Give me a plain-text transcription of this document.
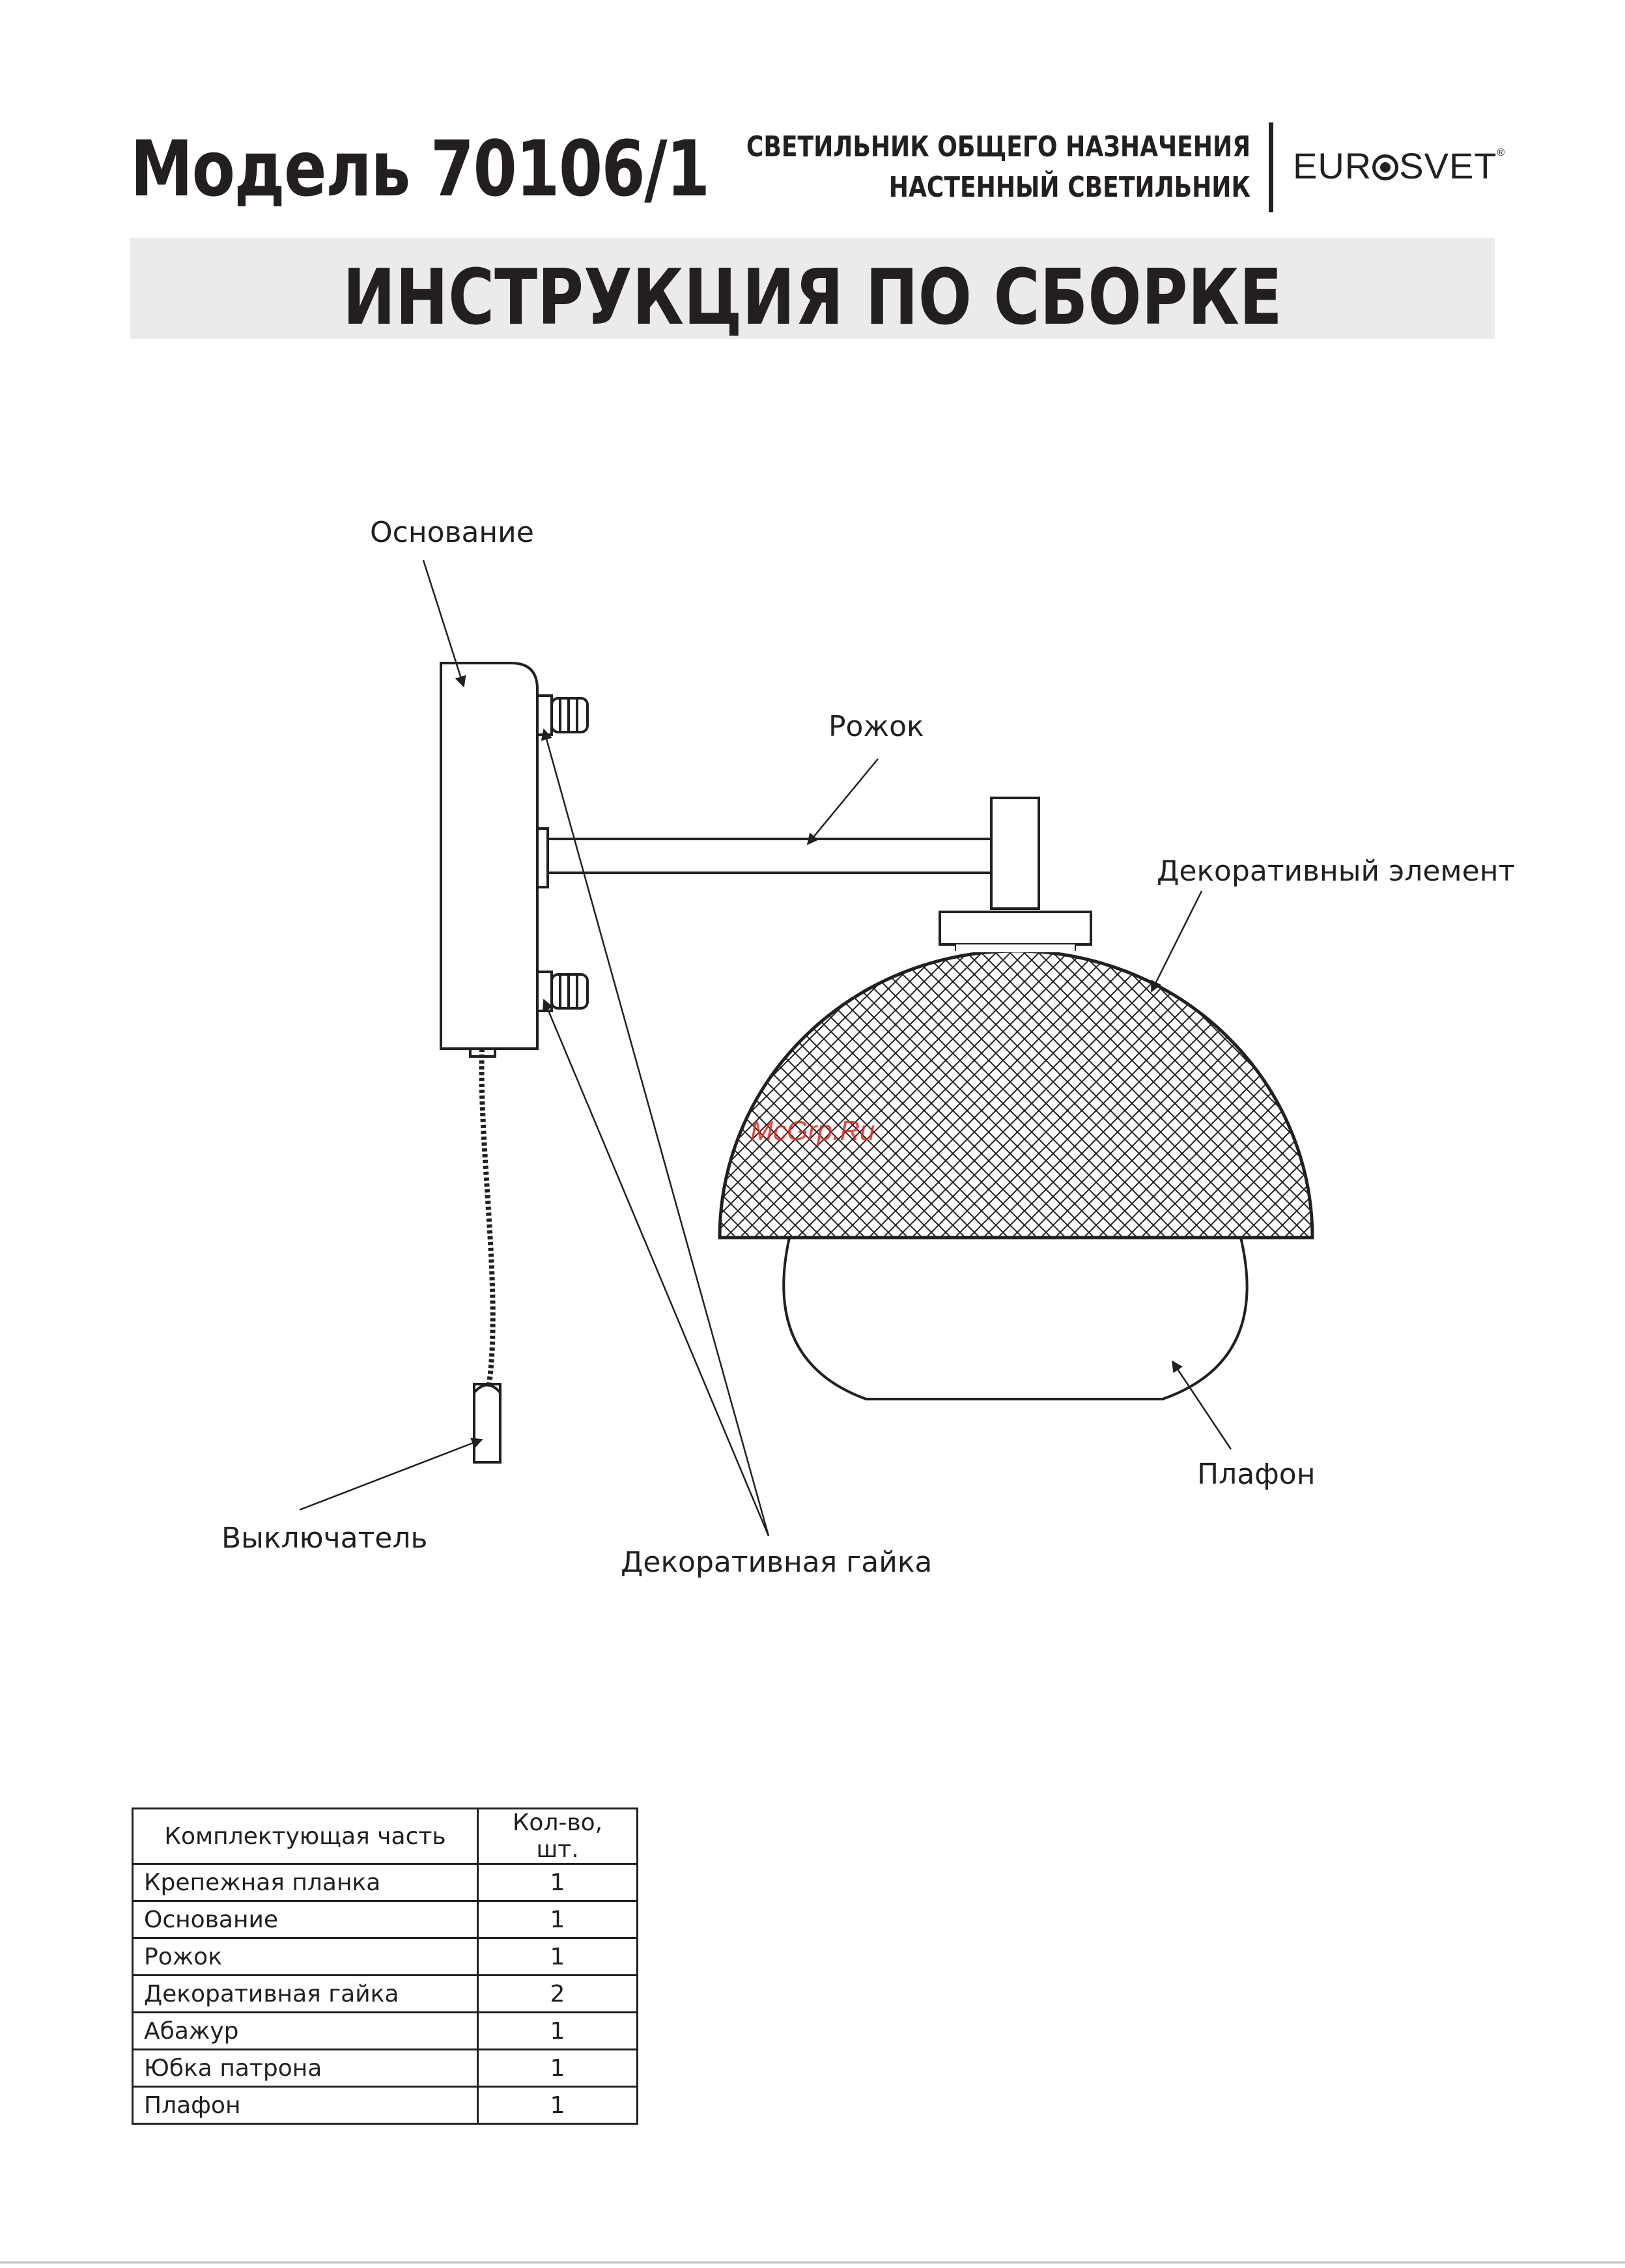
Модель 70106/1 СВЕТИЛЬНИК ОБЩЕГО НАЗНАЧЕНИЯ
НАСТЕННЫЙ СВЕТИЛЬНИК
EUR SVET®
ИНСТРУКЦИЯ ПО СБОРКЕ
Основание
Рожок
Декоративный элемент
Плафон
Выключатель
Декоративная гайка
McGrp.Ru
Комплектующая часть	Кол-во, шт.
Крепежная планка	1
Основание	1
Рожок	1
Декоративная гайка	2
Абажур	1
Юбка патрона	1
Плафон	1
